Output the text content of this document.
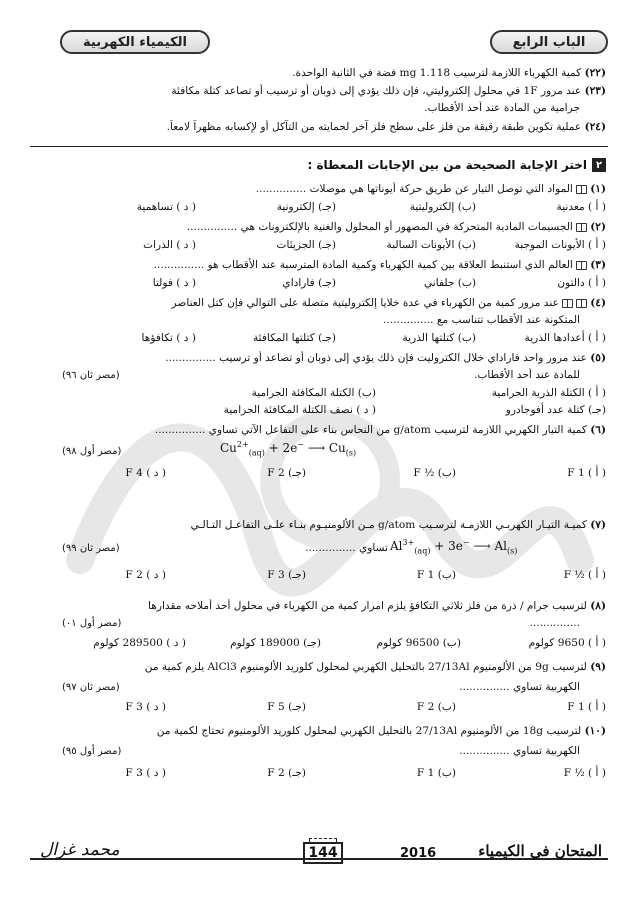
الباب الرابع
الكيمياء الكهربية
(٢٢) كمية الكهرباء اللازمة لترسيب 1.118 mg فضة في الثانية الواحدة.
(٢٣) عند مرور 1F في محلول إلكتروليتي، فإن ذلك يؤدي إلى ذوبان أو ترسيب أو تصاعد كتلة مكافئة
جرامية من المادة عند أحد الأقطاب.
(٢٤) عملية تكوين طبقة رقيقة من فلز على سطح فلز آخر لحمايته من التآكل أو لإكسابه مظهراً لامعاً.
٢
اختر الإجابة الصحيحة من بين الإجابات المعطاة :
(١) المواد التي توصل التيار عن طريق حركة أيوناتها هي موصلات ...............
( أ ) معدنية
(ب) إلكتروليتية
(جـ) إلكترونية
( د ) تساهمية
(٢) الجسيمات المادية المتحركة في المصهور أو المحلول والغنية بالإلكترونات هي ...............
( أ ) الأيونات الموجبة
(ب) الأيونات السالبة
(جـ) الجزيئات
( د ) الذرات
(٣) العالم الذي استنبط العلاقة بين كمية الكهرباء وكمية المادة المترسبة عند الأقطاب هو ...............
( أ ) دالتون
(ب) جلفاني
(جـ) فاراداي
( د ) فولتا
(٤) عند مرور كمية من الكهرباء في عدة خلايا إلكتروليتية متصلة على التوالي فإن كتل العناصر
المتكونة عند الأقطاب تتناسب مع ...............
( أ ) أعدادها الذرية
(ب) كتلتها الذرية
(جـ) كتلتها المكافئة
( د ) تكافؤها
(٥) عند مرور واحد فاراداي خلال الكتروليت فإن ذلك يؤدي إلى ذوبان أو تصاعد أو ترسيب ...............
للمادة عند أحد الأقطاب.
(مصر ثان ٩٦)
( أ ) الكتلة الذرية الجرامية
(ب) الكتلة المكافئة الجرامية
(جـ) كتلة عدد أفوجادرو
( د ) نصف الكتلة المكافئة الجرامية
(٦) كمية التيار الكهربي اللازمة لترسيب g/atom من النحاس بناء على التفاعل الآتي تساوي ...............
(مصر أول ٩٨)	$Cu^{2+}_{(aq)} + 2e^-$ ⟶ $Cu_{(s)}$
( أ ) 1 F
(ب) ½ F
(جـ) 2 F
( د ) 4 F
(٧) كميـة التيـار الكهربـي اللازمـة لترسـيب g/atom مـن الألومنيـوم بنـاء علـى التفاعـل التـالـي
تساوي ...............
(مصر ثان ٩٩)	$Al^{3+}_{(aq)} + 3e^-$ ⟶ $Al_{(s)}$
( أ ) ½ F
(ب) 1 F
(جـ) 3 F
( د ) 2 F
(٨) لترسيب جرام / ذرة من فلز ثلاثي التكافؤ يلزم امرار كمية من الكهرباء في محلول أحد أملاحه مقدارها
...............
(مصر أول ٠١)
( أ ) 9650 كولوم
(ب) 96500 كولوم
(جـ) 189000 كولوم
( د ) 289500 كولوم
(٩) لترسيب 9g من الألومنيوم 27/13Al بالتحليل الكهربي لمحلول كلوريد الألومنيوم AlCl3 يلزم كمية من
الكهربية تساوي ...............
(مصر ثان ٩٧)
( أ ) 1 F
(ب) 2 F
(جـ) 5 F
( د ) 3 F
(١٠) لترسيب 18g من الألومنيوم 27/13Al بالتحليل الكهربي لمحلول كلوريد الألومنيوم تحتاج لكمية من
الكهربية تساوي ...............
(مصر أول ٩٥)
( أ ) ½ F
(ب) 1 F
(جـ) 2 F
( د ) 3 F
المتحان في الكيمياء
2016
144
محمد غزال
